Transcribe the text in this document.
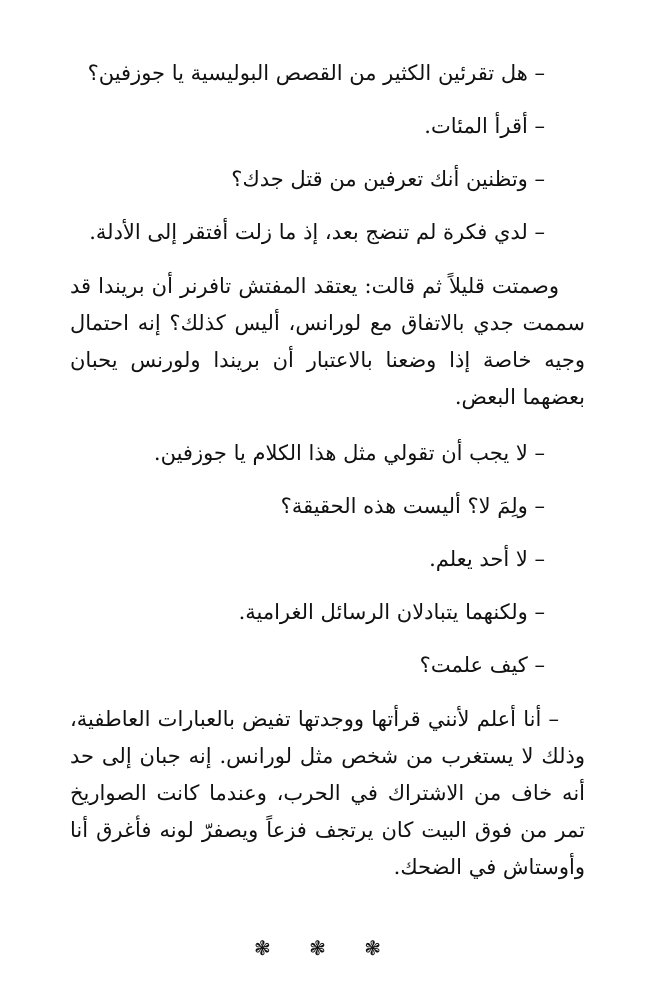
– هل تقرئين الكثير من القصص البوليسية يا جوزفين؟
– أقرأ المئات.
– وتظنين أنك تعرفين من قتل جدك؟
– لدي فكرة لم تنضج بعد، إذ ما زلت أفتقر إلى الأدلة.

وصمتت قليلاً ثم قالت: يعتقد المفتش تافرنر أن بريندا قد سممت جدي بالاتفاق مع لورانس، أليس كذلك؟ إنه احتمال وجيه خاصة إذا وضعنا بالاعتبار أن بريندا ولورنس يحبان بعضهما البعض.

– لا يجب أن تقولي مثل هذا الكلام يا جوزفين.
– ولِمَ لا؟ أليست هذه الحقيقة؟
– لا أحد يعلم.
– ولكنهما يتبادلان الرسائل الغرامية.
– كيف علمت؟

– أنا أعلم لأنني قرأتها ووجدتها تفيض بالعبارات العاطفية، وذلك لا يستغرب من شخص مثل لورانس. إنه جبان إلى حد أنه خاف من الاشتراك في الحرب، وعندما كانت الصواريخ تمر من فوق البيت كان يرتجف فزعاً ويصفرّ لونه فأغرق أنا وأوستاش في الضحك.

❃ ❃ ❃
